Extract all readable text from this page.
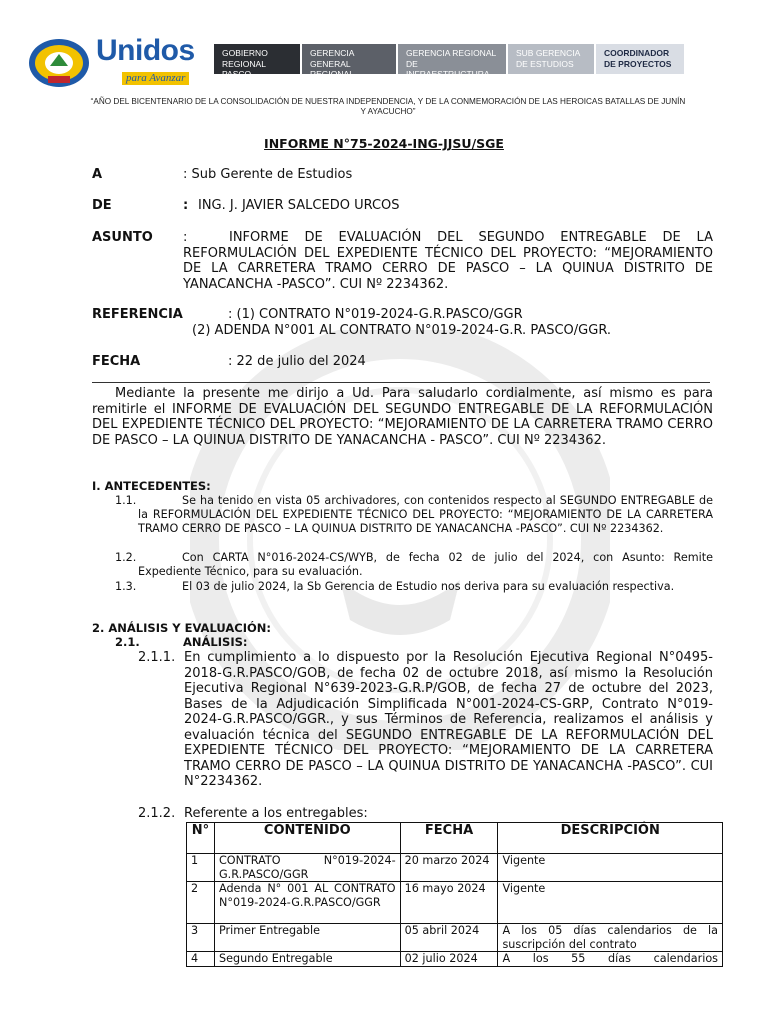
Unidos
para Avanzar
GOBIERNO REGIONAL PASCO
GERENCIA GENERAL REGIONAL
GERENCIA REGIONAL DE INFRAESTRUCTURA
SUB GERENCIA DE ESTUDIOS
COORDINADOR DE PROYECTOS
“AÑO DEL BICENTENARIO DE LA CONSOLIDACIÓN DE NUESTRA INDEPENDENCIA, Y DE LA CONMEMORACIÓN DE LAS HEROICAS BATALLAS DE JUNÍN Y AYACUCHO”
INFORME N°75-2024-ING-JJSU/SGE
A	: Sub Gerente de Estudios
DE	: ING. J. JAVIER SALCEDO URCOS
ASUNTO :	INFORME DE EVALUACIÓN DEL SEGUNDO ENTREGABLE DE LA REFORMULACIÓN DEL EXPEDIENTE TÉCNICO DEL PROYECTO: “MEJORAMIENTO DE LA CARRETERA TRAMO CERRO DE PASCO – LA QUINUA DISTRITO DE YANACANCHA -PASCO”. CUI Nº 2234362.
REFERENCIA	: (1) CONTRATO N°019-2024-G.R.PASCO/GGR
(2) ADENDA N°001 AL CONTRATO N°019-2024-G.R. PASCO/GGR.
FECHA	: 22 de julio del 2024
Mediante la presente me dirijo a Ud. Para saludarlo cordialmente, así mismo es para remitirle el INFORME DE EVALUACIÓN DEL SEGUNDO ENTREGABLE DE LA REFORMULACIÓN DEL EXPEDIENTE TÉCNICO DEL PROYECTO: “MEJORAMIENTO DE LA CARRETERA TRAMO CERRO DE PASCO – LA QUINUA DISTRITO DE YANACANCHA - PASCO”. CUI Nº 2234362.
I. ANTECEDENTES:
1.1.	Se ha tenido en vista 05 archivadores, con contenidos respecto al SEGUNDO ENTREGABLE de la REFORMULACIÓN DEL EXPEDIENTE TÉCNICO DEL PROYECTO: “MEJORAMIENTO DE LA CARRETERA TRAMO CERRO DE PASCO – LA QUINUA DISTRITO DE YANACANCHA -PASCO”. CUI Nº 2234362.
1.2.	Con CARTA N°016-2024-CS/WYB, de fecha 02 de julio del 2024, con Asunto: Remite Expediente Técnico, para su evaluación.
1.3.	El 03 de julio 2024, la Sb Gerencia de Estudio nos deriva para su evaluación respectiva.
2. ANÁLISIS Y EVALUACIÓN:
2.1.	ANÁLISIS:
2.1.1. En cumplimiento a lo dispuesto por la Resolución Ejecutiva Regional N°0495-2018-G.R.PASCO/GOB, de fecha 02 de octubre 2018, así mismo la Resolución Ejecutiva Regional N°639-2023-G.R.P/GOB, de fecha 27 de octubre del 2023, Bases de la Adjudicación Simplificada N°001-2024-CS-GRP, Contrato N°019-2024-G.R.PASCO/GGR., y sus Términos de Referencia, realizamos el análisis y evaluación técnica del SEGUNDO ENTREGABLE DE LA REFORMULACIÓN DEL EXPEDIENTE TÉCNICO DEL PROYECTO: “MEJORAMIENTO DE LA CARRETERA TRAMO CERRO DE PASCO – LA QUINUA DISTRITO DE YANACANCHA -PASCO”. CUI N°2234362.
2.1.2. Referente a los entregables:
N°	CONTENIDO	FECHA	DESCRIPCIÓN
1	CONTRATO N°019-2024-G.R.PASCO/GGR	20 marzo 2024	Vigente
2	Adenda N° 001 AL CONTRATO N°019-2024-G.R.PASCO/GGR	16 mayo 2024	Vigente
3	Primer Entregable	05 abril 2024	A los 05 días calendarios de la suscripción del contrato
4	Segundo Entregable	02 julio 2024	A los 55 días calendarios
